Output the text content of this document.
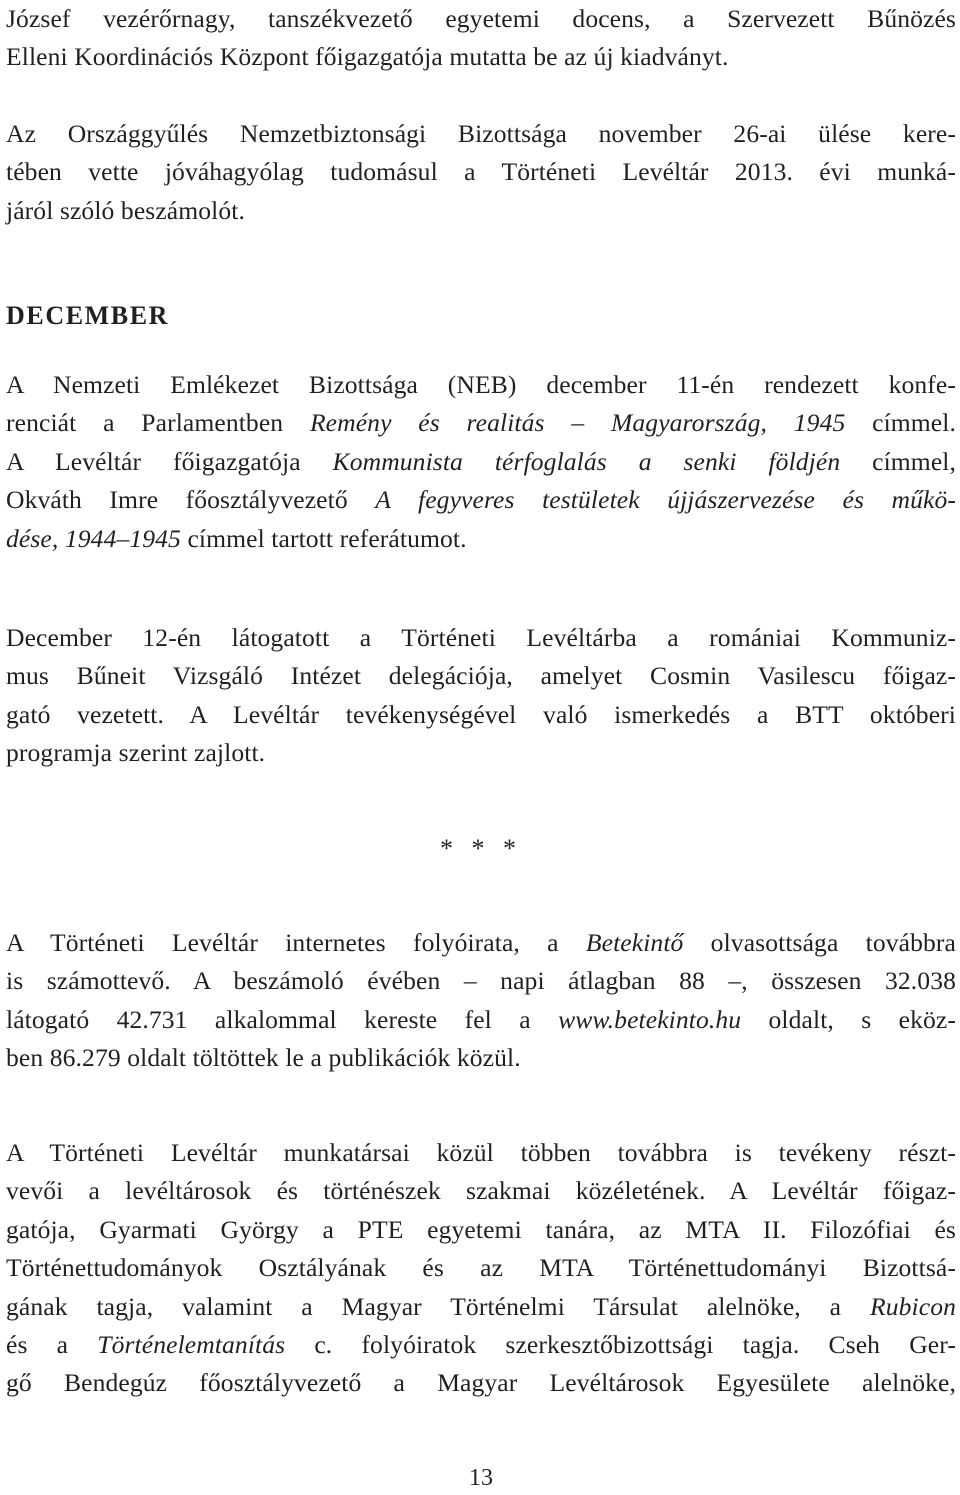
József vezérőrnagy, tanszékvezető egyetemi docens, a Szervezett Bűnözés
Elleni Koordinációs Központ főigazgatója mutatta be az új kiadványt.
Az Országgyűlés Nemzetbiztonsági Bizottsága november 26-ai ülése kere-
tében vette jóváhagyólag tudomásul a Történeti Levéltár 2013. évi munká-
járól szóló beszámolót.
DECEMBER
A Nemzeti Emlékezet Bizottsága (NEB) december 11-én rendezett konfe-
renciát a Parlamentben Remény és realitás – Magyarország, 1945 címmel.
A Levéltár főigazgatója Kommunista térfoglalás a senki földjén címmel,
Okváth Imre főosztályvezető A fegyveres testületek újjászervezése és műkö-
dése, 1944–1945 címmel tartott referátumot.
December 12-én látogatott a Történeti Levéltárba a romániai Kommuniz-
mus Bűneit Vizsgáló Intézet delegációja, amelyet Cosmin Vasilescu főigaz-
gató vezetett. A Levéltár tevékenységével való ismerkedés a BTT októberi
programja szerint zajlott.
* * *
A Történeti Levéltár internetes folyóirata, a Betekintő olvasottsága továbbra
is számottevő. A beszámoló évében – napi átlagban 88 –, összesen 32.038
látogató 42.731 alkalommal kereste fel a www.betekinto.hu oldalt, s eköz-
ben 86.279 oldalt töltöttek le a publikációk közül.
A Történeti Levéltár munkatársai közül többen továbbra is tevékeny részt-
vevői a levéltárosok és történészek szakmai közéletének. A Levéltár főigaz-
gatója, Gyarmati György a PTE egyetemi tanára, az MTA II. Filozófiai és
Történettudományok Osztályának és az MTA Történettudományi Bizottsá-
gának tagja, valamint a Magyar Történelmi Társulat alelnöke, a Rubicon
és a Történelemtanítás c. folyóiratok szerkesztőbizottsági tagja. Cseh Ger-
gő Bendegúz főosztályvezető a Magyar Levéltárosok Egyesülete alelnöke,
13
